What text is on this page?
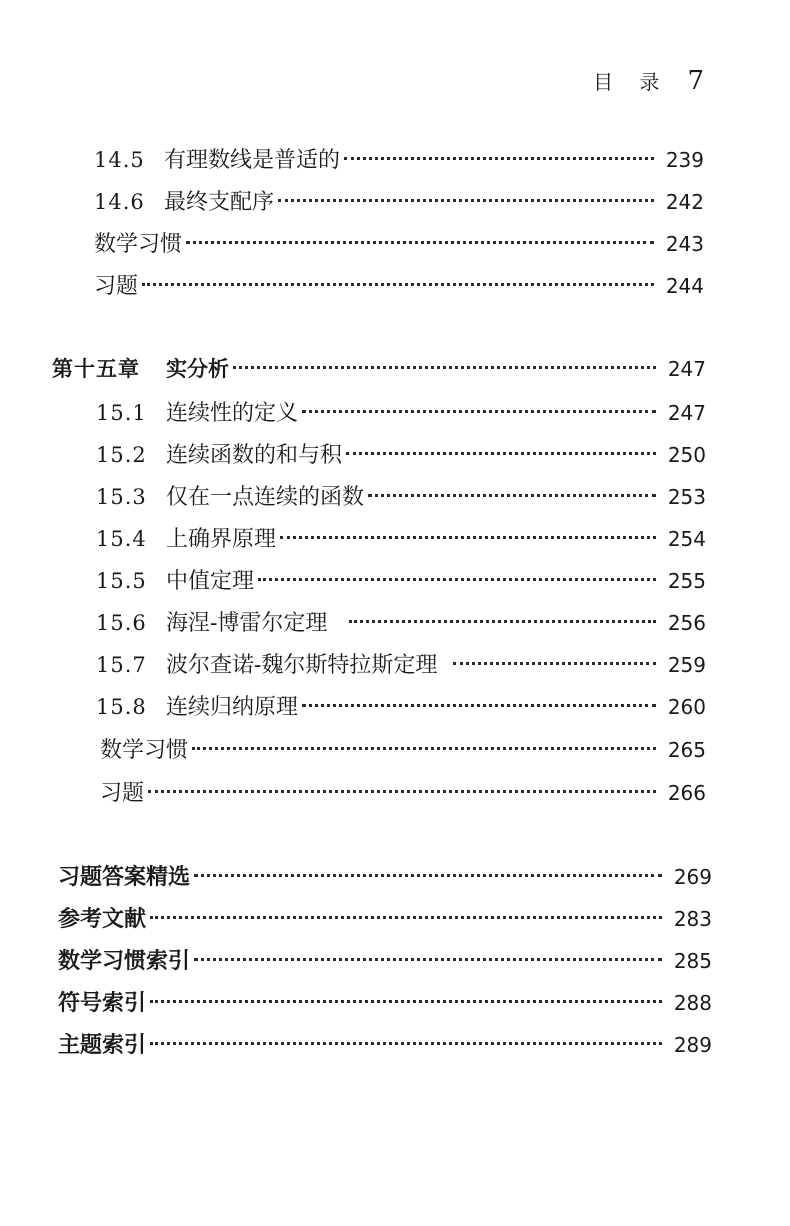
目 录 7
14.5 有理数线是普适的	239
14.6 最终支配序	242
数学习惯	243
习题	244
第十五章	实分析	247
15.1 连续性的定义	247
15.2 连续函数的和与积	250
15.3 仅在一点连续的函数	253
15.4 上确界原理	254
15.5 中值定理	255
15.6 海涅-博雷尔定理	256
15.7 波尔查诺-魏尔斯特拉斯定理	259
15.8 连续归纳原理	260
数学习惯	265
习题	266
习题答案精选	269
参考文献	283
数学习惯索引	285
符号索引	288
主题索引	289
